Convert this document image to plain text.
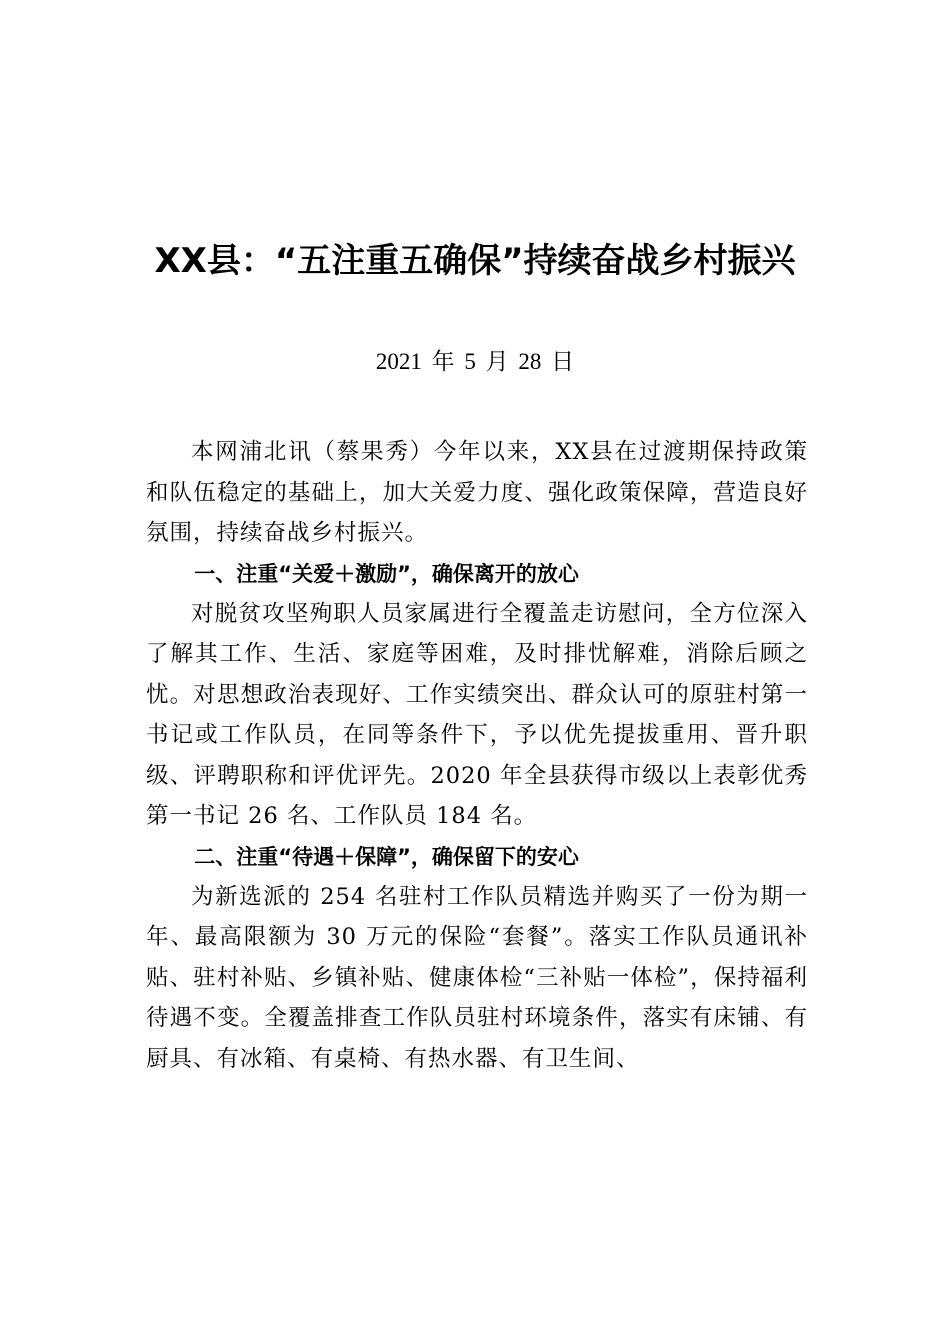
XX县：“五注重五确保”持续奋战乡村振兴
2021 年 5 月 28 日

本网浦北讯（蔡果秀）今年以来，XX县在过渡期保持政策和队伍稳定的基础上，加大关爱力度、强化政策保障，营造良好氛围，持续奋战乡村振兴。

一、注重“关爱＋激励”，确保离开的放心

对脱贫攻坚殉职人员家属进行全覆盖走访慰问，全方位深入了解其工作、生活、家庭等困难，及时排忧解难，消除后顾之忧。对思想政治表现好、工作实绩突出、群众认可的原驻村第一书记或工作队员，在同等条件下，予以优先提拔重用、晋升职级、评聘职称和评优评先。2020 年全县获得市级以上表彰优秀第一书记 26 名、工作队员 184 名。

二、注重“待遇＋保障”，确保留下的安心

为新选派的 254 名驻村工作队员精选并购买了一份为期一年、最高限额为 30 万元的保险“套餐”。落实工作队员通讯补贴、驻村补贴、乡镇补贴、健康体检“三补贴一体检”，保持福利待遇不变。全覆盖排查工作队员驻村环境条件，落实有床铺、有厨具、有冰箱、有桌椅、有热水器、有卫生间、
